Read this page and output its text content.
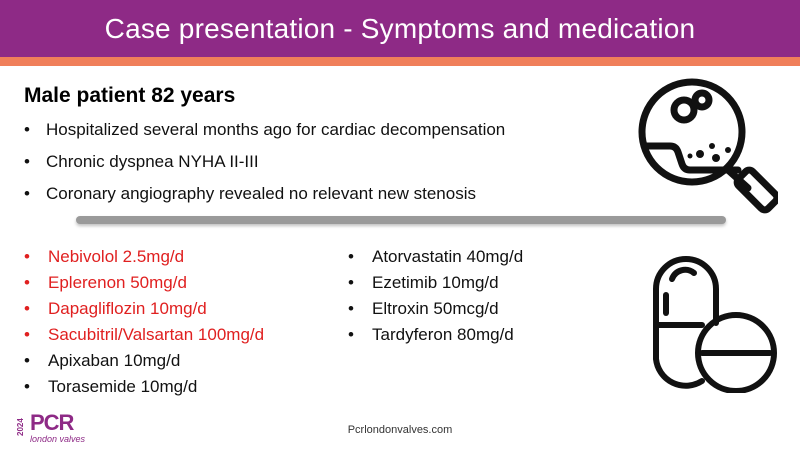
Case presentation - Symptoms and medication
Male patient 82 years
• Hospitalized several months ago for cardiac decompensation
• Chronic dyspnea NYHA II-III
• Coronary angiography revealed no relevant new stenosis
• Nebivolol 2.5mg/d
• Eplerenon 50mg/d
• Dapagliflozin 10mg/d
• Sacubitril/Valsartan 100mg/d
• Apixaban 10mg/d
• Torasemide 10mg/d
• Atorvastatin 40mg/d
• Ezetimib 10mg/d
• Eltroxin 50mcg/d
• Tardyferon 80mg/d
Pcrlondonvalves.com
2024 PCR
london valves
